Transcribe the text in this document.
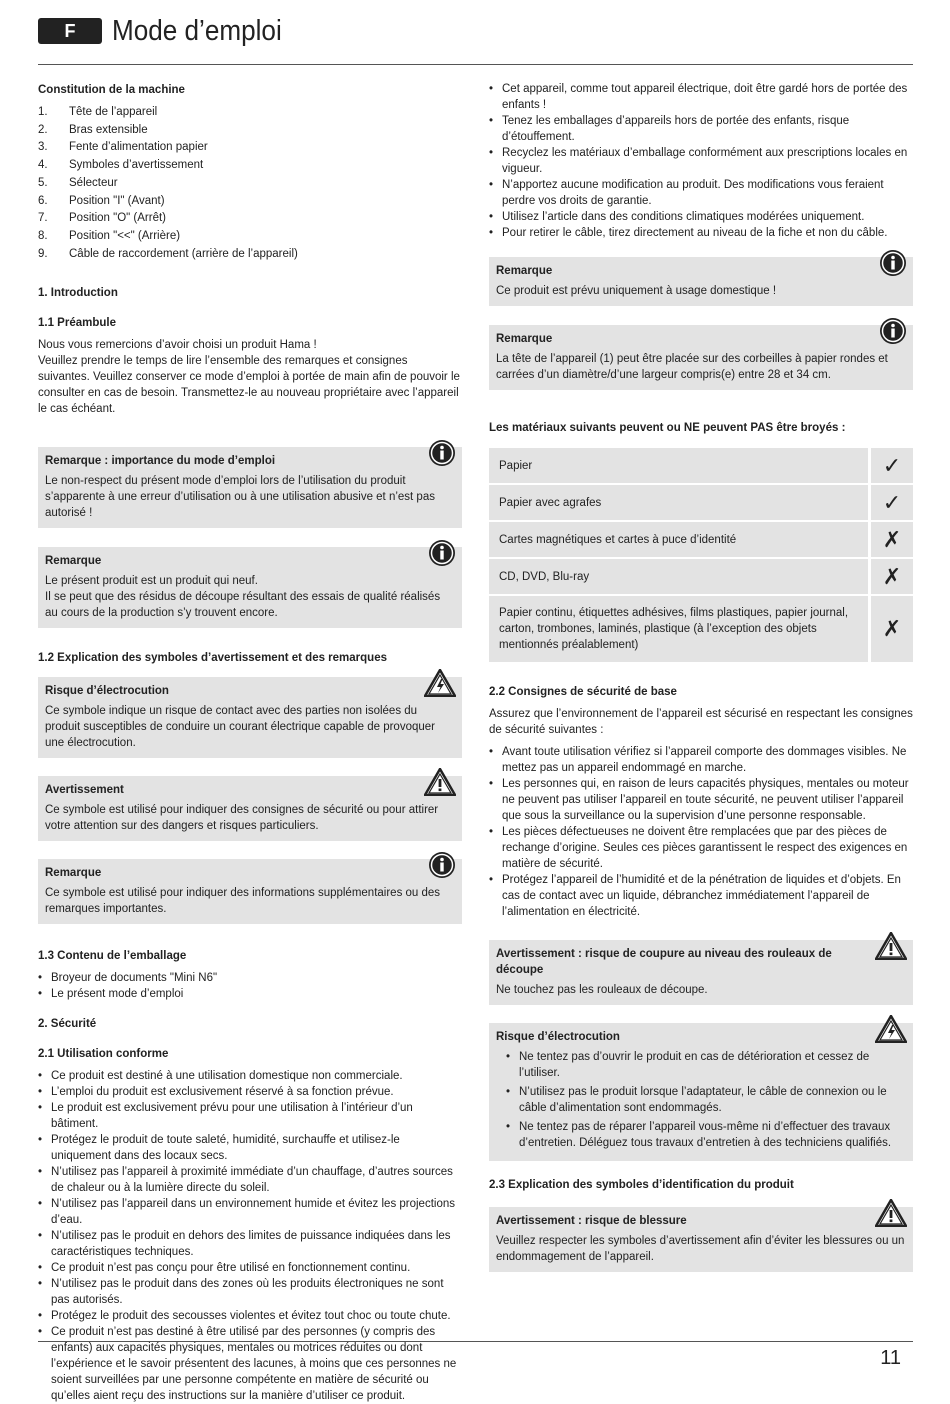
F	Mode d’emploi
Constitution de la machine
1.	Tête de l’appareil
2.	Bras extensible
3.	Fente d’alimentation papier
4.	Symboles d’avertissement
5.	Sélecteur
6.	Position "I" (Avant)
7.	Position "O" (Arrêt)
8.	Position "<<" (Arrière)
9.	Câble de raccordement (arrière de l’appareil)
1. Introduction
1.1 Préambule

Nous vous remercions d’avoir choisi un produit Hama !

Veuillez prendre le temps de lire l’ensemble des remarques et consignes suivantes. Veuillez conserver ce mode d’emploi à portée de main afin de pouvoir le consulter en cas de besoin. Transmettez-le au nouveau propriétaire avec l’appareil le cas échéant.

Remarque : importance du mode d’emploi

Le non-respect du présent mode d’emploi lors de l’utilisation du produit s’apparente à une erreur d’utilisation ou à une utilisation abusive et n’est pas autorisé !

Remarque

Le présent produit est un produit qui neuf.

Il se peut que des résidus de découpe résultant des essais de qualité réalisés au cours de la production s’y trouvent encore.

1.2 Explication des symboles d’avertissement et des remarques
Risque d’électrocution

Ce symbole indique un risque de contact avec des parties non isolées du produit susceptibles de conduire un courant électrique capable de provoquer une électrocution.

Avertissement

Ce symbole est utilisé pour indiquer des consignes de sécurité ou pour attirer votre attention sur des dangers et risques particuliers.

Remarque

Ce symbole est utilisé pour indiquer des informations supplémentaires ou des remarques importantes.

1.3 Contenu de l’emballage
• Broyeur de documents "Mini N6"
• Le présent mode d’emploi
2. Sécurité
2.1 Utilisation conforme
• Ce produit est destiné à une utilisation domestique non commerciale.
• L’emploi du produit est exclusivement réservé à sa fonction prévue.
• Le produit est exclusivement prévu pour une utilisation à l’intérieur d’un bâtiment.
• Protégez le produit de toute saleté, humidité, surchauffe et utilisez-le uniquement dans des locaux secs.
• N’utilisez pas l’appareil à proximité immédiate d’un chauffage, d’autres sources de chaleur ou à la lumière directe du soleil.
• N’utilisez pas l’appareil dans un environnement humide et évitez les projections d’eau.
• N’utilisez pas le produit en dehors des limites de puissance indiquées dans les caractéristiques techniques.
• Ce produit n’est pas conçu pour être utilisé en fonctionnement continu.
• N’utilisez pas le produit dans des zones où les produits électroniques ne sont pas autorisés.
• Protégez le produit des secousses violentes et évitez tout choc ou toute chute.
• Ce produit n’est pas destiné à être utilisé par des personnes (y compris des enfants) aux capacités physiques, mentales ou motrices réduites ou dont l’expérience et le savoir présentent des lacunes, à moins que ces personnes ne soient surveillées par une personne compétente en matière de sécurité ou qu’elles aient reçu des instructions sur la manière d’utiliser ce produit.
• Cet appareil, comme tout appareil électrique, doit être gardé hors de portée des enfants !
• Tenez les emballages d’appareils hors de portée des enfants, risque d’étouffement.
• Recyclez les matériaux d’emballage conformément aux prescriptions locales en vigueur.
• N’apportez aucune modification au produit. Des modifications vous feraient perdre vos droits de garantie.
• Utilisez l’article dans des conditions climatiques modérées uniquement.
• Pour retirer le câble, tirez directement au niveau de la fiche et non du câble.
Remarque

Ce produit est prévu uniquement à usage domestique !

Remarque

La tête de l’appareil (1) peut être placée sur des corbeilles à papier rondes et carrées d’un diamètre/d’une largeur compris(e) entre 28 et 34 cm.

Les matériaux suivants peuvent ou NE peuvent PAS être broyés :
Papier	✓
Papier avec agrafes	✓
Cartes magnétiques et cartes à puce d’identité	✗
CD, DVD, Blu-ray	✗
Papier continu, étiquettes adhésives, films plastiques, papier journal, carton, trombones, laminés, plastique (à l’exception des objets mentionnés préalablement)	✗
2.2 Consignes de sécurité de base

Assurez que l’environnement de l’appareil est sécurisé en respectant les consignes de sécurité suivantes :

• Avant toute utilisation vérifiez si l’appareil comporte des dommages visibles. Ne mettez pas un appareil endommagé en marche.
• Les personnes qui, en raison de leurs capacités physiques, mentales ou moteur ne peuvent pas utiliser l’appareil en toute sécurité, ne peuvent utiliser l’appareil que sous la surveillance ou la supervision d’une personne responsable.
• Les pièces défectueuses ne doivent être remplacées que par des pièces de rechange d’origine. Seules ces pièces garantissent le respect des exigences en matière de sécurité.
• Protégez l’appareil de l’humidité et de la pénétration de liquides et d’objets. En cas de contact avec un liquide, débranchez immédiatement l’appareil de l’alimentation en électricité.
Avertissement : risque de coupure au niveau des rouleaux de découpe

Ne touchez pas les rouleaux de découpe.

Risque d’électrocution
• Ne tentez pas d’ouvrir le produit en cas de détérioration et cessez de l’utiliser.
• N’utilisez pas le produit lorsque l’adaptateur, le câble de connexion ou le câble d’alimentation sont endommagés.
• Ne tentez pas de réparer l’appareil vous-même ni d’effectuer des travaux d’entretien. Déléguez tous travaux d’entretien à des techniciens qualifiés.
2.3 Explication des symboles d’identification du produit
Avertissement : risque de blessure

Veuillez respecter les symboles d’avertissement afin d’éviter les blessures ou un endommagement de l’appareil.

11
